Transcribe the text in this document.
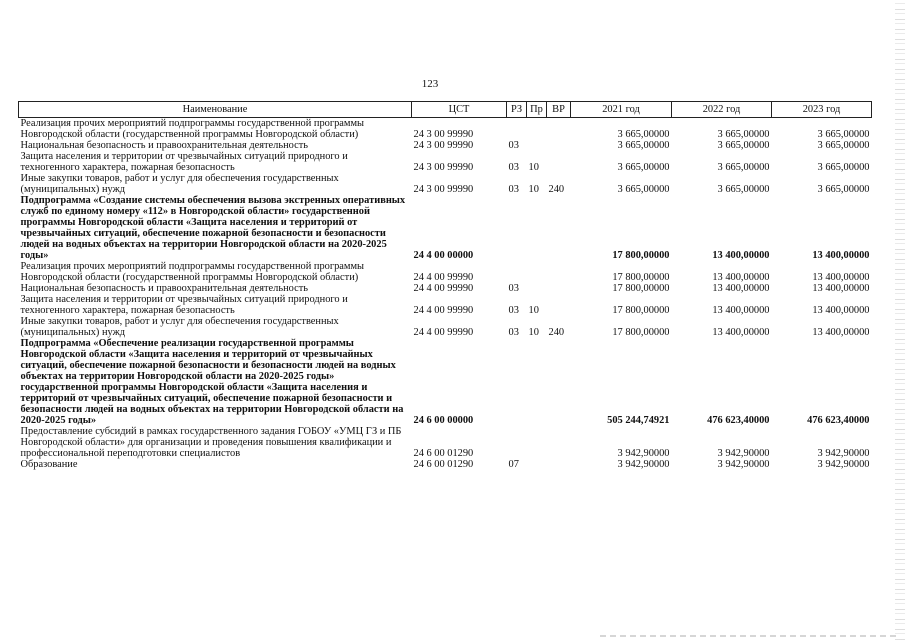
123
Наименование	ЦСТ	РЗ	Пр	ВР	2021 год	2022 год	2023 год
Реализация прочих мероприятий подпрограммы государственной программы Новгородской области (государственной программы Новгородской области)	24 3 00 99990				3 665,00000	3 665,00000	3 665,00000
Национальная безопасность и правоохранительная деятельность	24 3 00 99990	03			3 665,00000	3 665,00000	3 665,00000
Защита населения и территории от чрезвычайных ситуаций природного и техногенного характера, пожарная безопасность	24 3 00 99990	03	10		3 665,00000	3 665,00000	3 665,00000
Иные закупки товаров, работ и услуг для обеспечения государственных (муниципальных) нужд	24 3 00 99990	03	10	240	3 665,00000	3 665,00000	3 665,00000
Подпрограмма «Создание системы обеспечения вызова экстренных оперативных служб по единому номеру «112» в Новгородской области» государственной программы Новгородской области «Защита населения и территорий от чрезвычайных ситуаций, обеспечение пожарной безопасности и безопасности людей на водных объектах на территории Новгородской области на 2020-2025 годы»	24 4 00 00000				17 800,00000	13 400,00000	13 400,00000
Реализация прочих мероприятий подпрограммы государственной программы Новгородской области (государственной программы Новгородской области)	24 4 00 99990				17 800,00000	13 400,00000	13 400,00000
Национальная безопасность и правоохранительная деятельность	24 4 00 99990	03			17 800,00000	13 400,00000	13 400,00000
Защита населения и территории от чрезвычайных ситуаций природного и техногенного характера, пожарная безопасность	24 4 00 99990	03	10		17 800,00000	13 400,00000	13 400,00000
Иные закупки товаров, работ и услуг для обеспечения государственных (муниципальных) нужд	24 4 00 99990	03	10	240	17 800,00000	13 400,00000	13 400,00000
Подпрограмма «Обеспечение реализации государственной программы Новгородской области «Защита населения и территорий от чрезвычайных ситуаций, обеспечение пожарной безопасности и безопасности людей на водных объектах на территории Новгородской области на 2020-2025 годы» государственной программы Новгородской области «Защита населения и территорий от чрезвычайных ситуаций, обеспечение пожарной безопасности и безопасности людей на водных объектах на территории Новгородской области на 2020-2025 годы»	24 6 00 00000				505 244,74921	476 623,40000	476 623,40000
Предоставление субсидий в рамках государственного задания ГОБОУ «УМЦ ГЗ и ПБ Новгородской области» для организации и проведения повышения квалификации и профессиональной переподготовки специалистов	24 6 00 01290				3 942,90000	3 942,90000	3 942,90000
Образование	24 6 00 01290	07			3 942,90000	3 942,90000	3 942,90000
